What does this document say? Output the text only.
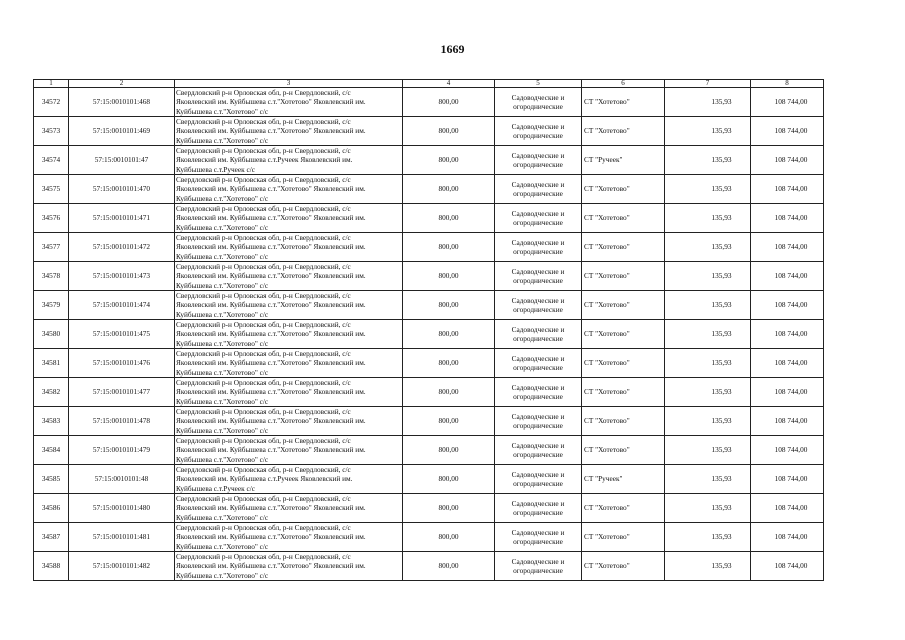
1669
1	2	3	4	5	6	7	8
34572	57:15:0010101:468	Свердловский р-н Орловская обл, р-н Свердловский, с/с
Яковлевский им. Куйбышева с.т."Хотетово" Яковлевский им.
Куйбышева с.т."Хотетово" с/с	800,00	Садоводческие и
огороднические	СТ "Хотетово"	135,93	108 744,00
34573	57:15:0010101:469	Свердловский р-н Орловская обл, р-н Свердловский, с/с
Яковлевский им. Куйбышева с.т."Хотетово" Яковлевский им.
Куйбышева с.т."Хотетово" с/с	800,00	Садоводческие и
огороднические	СТ "Хотетово"	135,93	108 744,00
34574	57:15:0010101:47	Свердловский р-н Орловская обл, р-н Свердловский, с/с
Яковлевский им. Куйбышева с.т.Ручеек Яковлевский им.
Куйбышева с.т.Ручеек с/с	800,00	Садоводческие и
огороднические	СТ "Ручеек"	135,93	108 744,00
34575	57:15:0010101:470	Свердловский р-н Орловская обл, р-н Свердловский, с/с
Яковлевский им. Куйбышева с.т."Хотетово" Яковлевский им.
Куйбышева с.т."Хотетово" с/с	800,00	Садоводческие и
огороднические	СТ "Хотетово"	135,93	108 744,00
34576	57:15:0010101:471	Свердловский р-н Орловская обл, р-н Свердловский, с/с
Яковлевский им. Куйбышева с.т."Хотетово" Яковлевский им.
Куйбышева с.т."Хотетово" с/с	800,00	Садоводческие и
огороднические	СТ "Хотетово"	135,93	108 744,00
34577	57:15:0010101:472	Свердловский р-н Орловская обл, р-н Свердловский, с/с
Яковлевский им. Куйбышева с.т."Хотетово" Яковлевский им.
Куйбышева с.т."Хотетово" с/с	800,00	Садоводческие и
огороднические	СТ "Хотетово"	135,93	108 744,00
34578	57:15:0010101:473	Свердловский р-н Орловская обл, р-н Свердловский, с/с
Яковлевский им. Куйбышева с.т."Хотетово" Яковлевский им.
Куйбышева с.т."Хотетово" с/с	800,00	Садоводческие и
огороднические	СТ "Хотетово"	135,93	108 744,00
34579	57:15:0010101:474	Свердловский р-н Орловская обл, р-н Свердловский, с/с
Яковлевский им. Куйбышева с.т."Хотетово" Яковлевский им.
Куйбышева с.т."Хотетово" с/с	800,00	Садоводческие и
огороднические	СТ "Хотетово"	135,93	108 744,00
34580	57:15:0010101:475	Свердловский р-н Орловская обл, р-н Свердловский, с/с
Яковлевский им. Куйбышева с.т."Хотетово" Яковлевский им.
Куйбышева с.т."Хотетово" с/с	800,00	Садоводческие и
огороднические	СТ "Хотетово"	135,93	108 744,00
34581	57:15:0010101:476	Свердловский р-н Орловская обл, р-н Свердловский, с/с
Яковлевский им. Куйбышева с.т."Хотетово" Яковлевский им.
Куйбышева с.т."Хотетово" с/с	800,00	Садоводческие и
огороднические	СТ "Хотетово"	135,93	108 744,00
34582	57:15:0010101:477	Свердловский р-н Орловская обл, р-н Свердловский, с/с
Яковлевский им. Куйбышева с.т."Хотетово" Яковлевский им.
Куйбышева с.т."Хотетово" с/с	800,00	Садоводческие и
огороднические	СТ "Хотетово"	135,93	108 744,00
34583	57:15:0010101:478	Свердловский р-н Орловская обл, р-н Свердловский, с/с
Яковлевский им. Куйбышева с.т."Хотетово" Яковлевский им.
Куйбышева с.т."Хотетово" с/с	800,00	Садоводческие и
огороднические	СТ "Хотетово"	135,93	108 744,00
34584	57:15:0010101:479	Свердловский р-н Орловская обл, р-н Свердловский, с/с
Яковлевский им. Куйбышева с.т."Хотетово" Яковлевский им.
Куйбышева с.т."Хотетово" с/с	800,00	Садоводческие и
огороднические	СТ "Хотетово"	135,93	108 744,00
34585	57:15:0010101:48	Свердловский р-н Орловская обл, р-н Свердловский, с/с
Яковлевский им. Куйбышева с.т.Ручеек Яковлевский им.
Куйбышева с.т.Ручеек с/с	800,00	Садоводческие и
огороднические	СТ "Ручеек"	135,93	108 744,00
34586	57:15:0010101:480	Свердловский р-н Орловская обл, р-н Свердловский, с/с
Яковлевский им. Куйбышева с.т."Хотетово" Яковлевский им.
Куйбышева с.т."Хотетово" с/с	800,00	Садоводческие и
огороднические	СТ "Хотетово"	135,93	108 744,00
34587	57:15:0010101:481	Свердловский р-н Орловская обл, р-н Свердловский, с/с
Яковлевский им. Куйбышева с.т."Хотетово" Яковлевский им.
Куйбышева с.т."Хотетово" с/с	800,00	Садоводческие и
огороднические	СТ "Хотетово"	135,93	108 744,00
34588	57:15:0010101:482	Свердловский р-н Орловская обл, р-н Свердловский, с/с
Яковлевский им. Куйбышева с.т."Хотетово" Яковлевский им.
Куйбышева с.т."Хотетово" с/с	800,00	Садоводческие и
огороднические	СТ "Хотетово"	135,93	108 744,00
